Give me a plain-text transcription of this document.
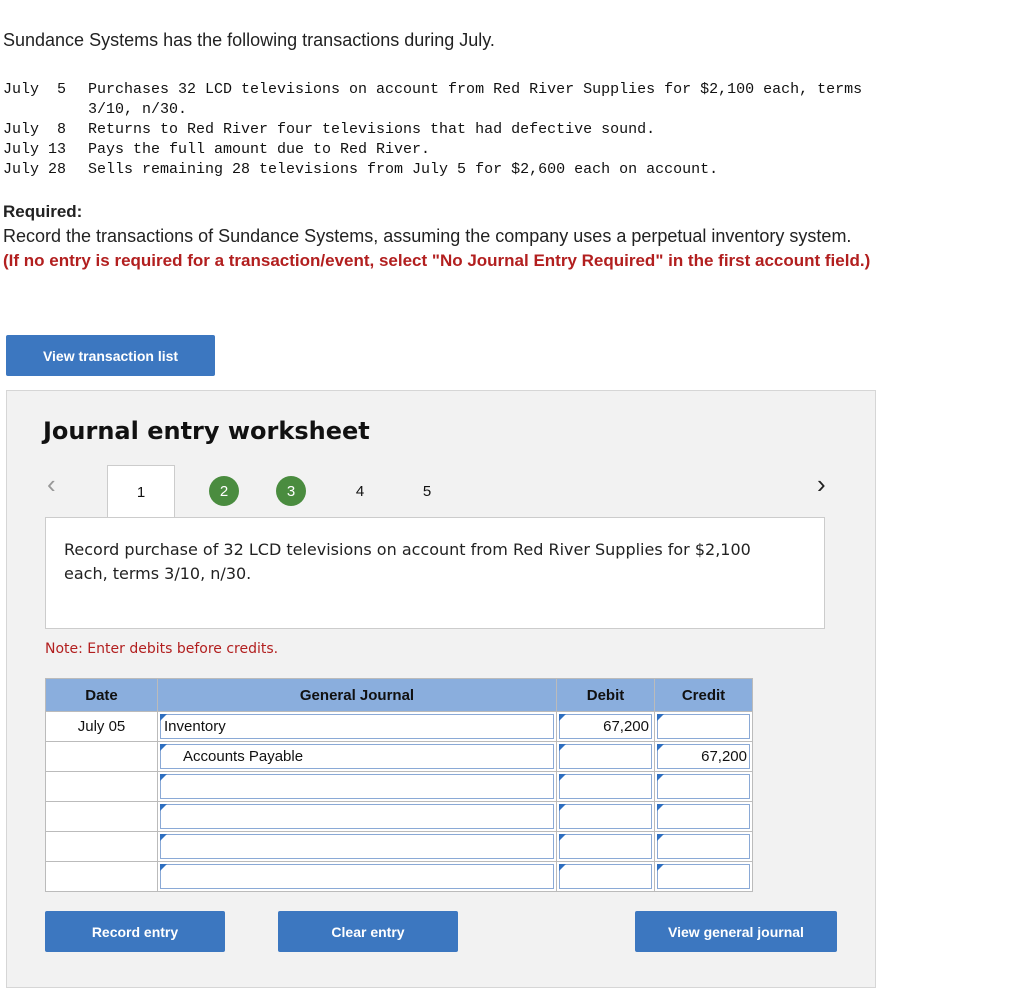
Sundance Systems has the following transactions during July.
July  5	Purchases 32 LCD televisions on account from Red River Supplies for $2,100 each, terms
3/10, n/30.
July  8	Returns to Red River four televisions that had defective sound.
July 13	Pays the full amount due to Red River.
July 28	Sells remaining 28 televisions from July 5 for $2,600 each on account.
Required:
Record the transactions of Sundance Systems, assuming the company uses a perpetual inventory system.
(If no entry is required for a transaction/event, select "No Journal Entry Required" in the first account field.)
View transaction list
Journal entry worksheet
‹	›
1	2	3	4	5
Record purchase of 32 LCD televisions on account from Red River Supplies for $2,100 each, terms 3/10, n/30.
Note: Enter debits before credits.
Date	General Journal	Debit	Credit
July 05	Inventory	67,200	

	Accounts Payable		67,200

Record entry	Clear entry	View general journal
